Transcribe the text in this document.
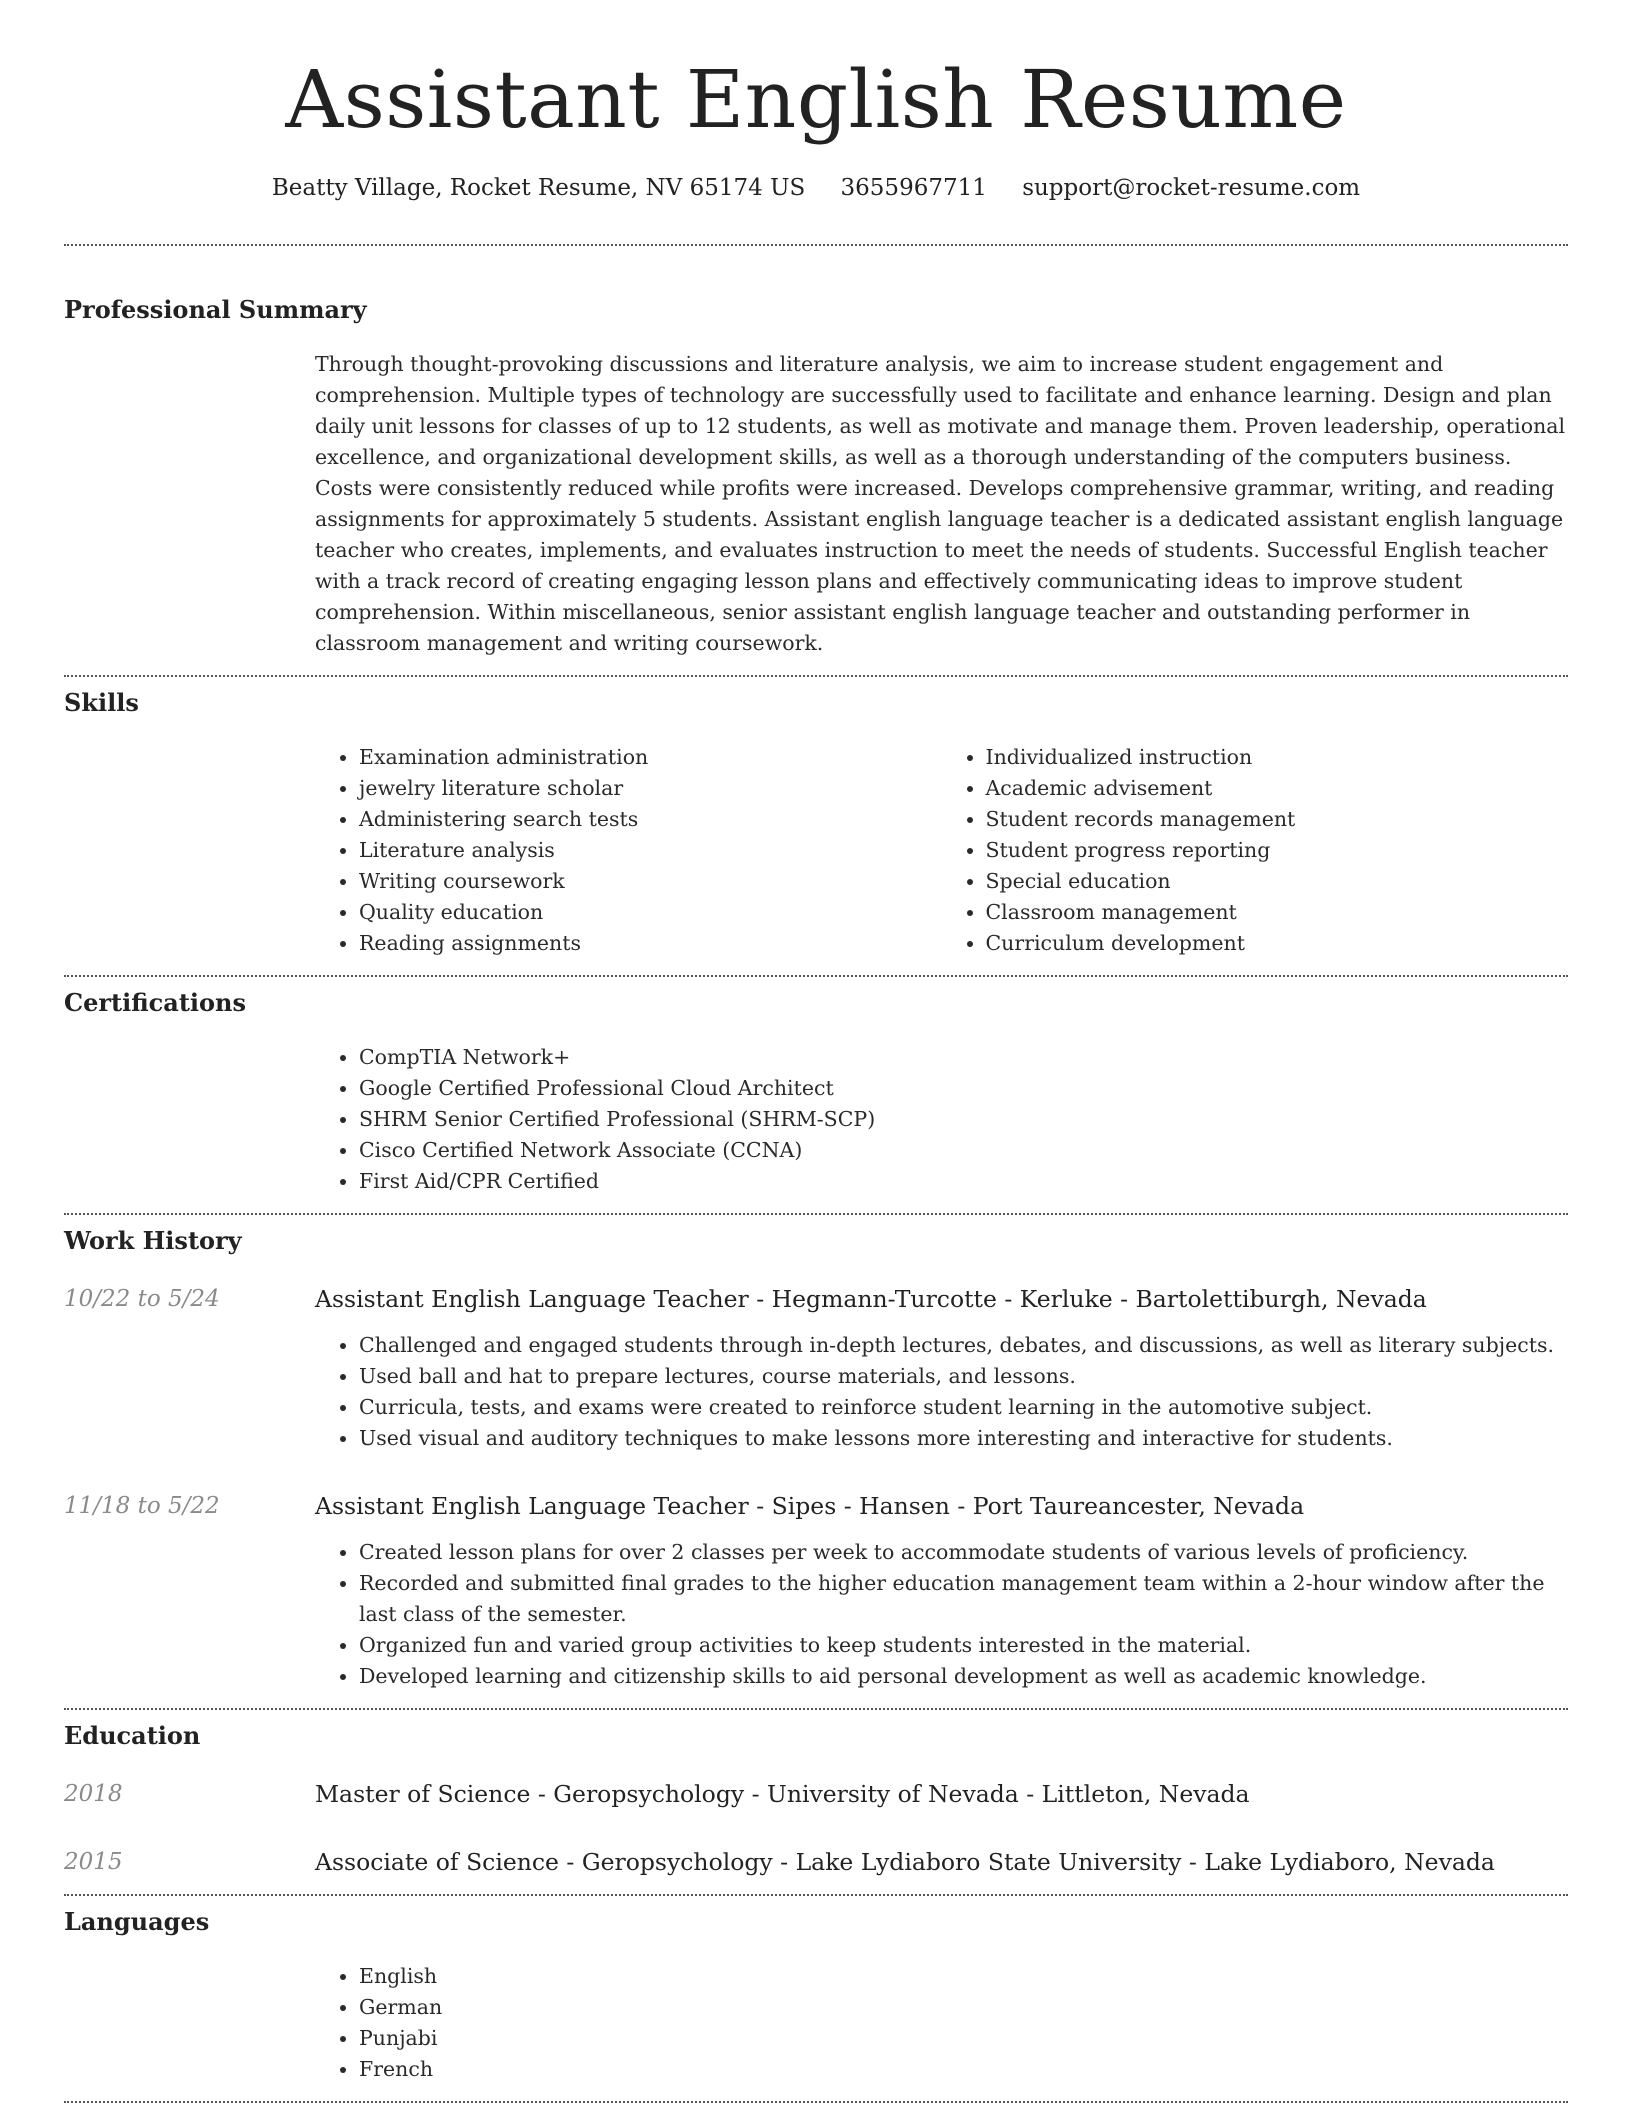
Assistant English Resume
Beatty Village, Rocket Resume, NV 65174 US 3655967711 support@rocket-resume.com
Professional Summary

Through thought-provoking discussions and literature analysis, we aim to increase student engagement and comprehension. Multiple types of technology are successfully used to facilitate and enhance learning. Design and plan daily unit lessons for classes of up to 12 students, as well as motivate and manage them. Proven leadership, operational excellence, and organizational development skills, as well as a thorough understanding of the computers business. Costs were consistently reduced while profits were increased. Develops comprehensive grammar, writing, and reading assignments for approximately 5 students. Assistant english language teacher is a dedicated assistant english language teacher who creates, implements, and evaluates instruction to meet the needs of students. Successful English teacher with a track record of creating engaging lesson plans and effectively communicating ideas to improve student comprehension. Within miscellaneous, senior assistant english language teacher and outstanding performer in classroom management and writing coursework.

Skills
• Examination administration
• jewelry literature scholar
• Administering search tests
• Literature analysis
• Writing coursework
• Quality education
• Reading assignments
• Individualized instruction
• Academic advisement
• Student records management
• Student progress reporting
• Special education
• Classroom management
• Curriculum development
Certifications
• CompTIA Network+
• Google Certified Professional Cloud Architect
• SHRM Senior Certified Professional (SHRM-SCP)
• Cisco Certified Network Associate (CCNA)
• First Aid/CPR Certified
Work History
10/22 to 5/24	Assistant English Language Teacher - Hegmann-Turcotte - Kerluke - Bartolettiburgh, Nevada
• Challenged and engaged students through in-depth lectures, debates, and discussions, as well as literary subjects.
• Used ball and hat to prepare lectures, course materials, and lessons.
• Curricula, tests, and exams were created to reinforce student learning in the automotive subject.
• Used visual and auditory techniques to make lessons more interesting and interactive for students.
11/18 to 5/22	Assistant English Language Teacher - Sipes - Hansen - Port Taureancester, Nevada
• Created lesson plans for over 2 classes per week to accommodate students of various levels of proficiency.
• Recorded and submitted final grades to the higher education management team within a 2-hour window after the last class of the semester.
• Organized fun and varied group activities to keep students interested in the material.
• Developed learning and citizenship skills to aid personal development as well as academic knowledge.
Education
2018	Master of Science - Geropsychology - University of Nevada - Littleton, Nevada
2015	Associate of Science - Geropsychology - Lake Lydiaboro State University - Lake Lydiaboro, Nevada
Languages
• English
• German
• Punjabi
• French
